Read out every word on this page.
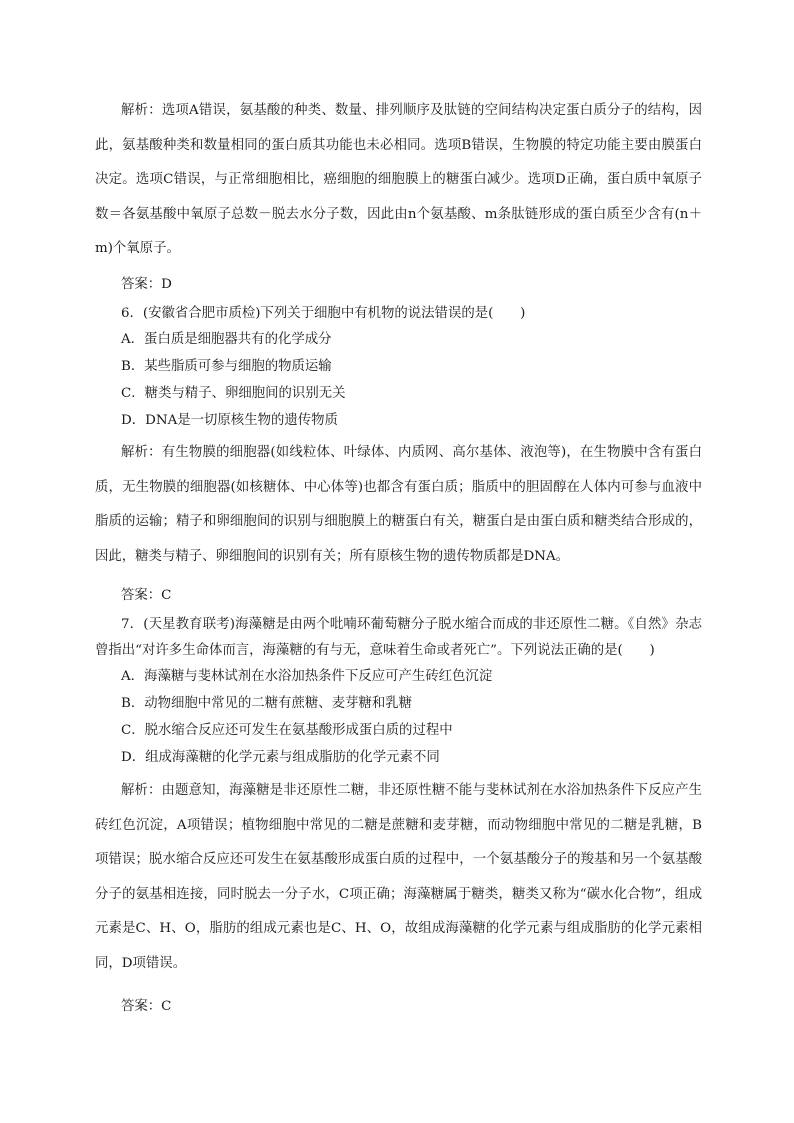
解析：选项A错误，氨基酸的种类、数量、排列顺序及肽链的空间结构决定蛋白质分子的结构，因此，氨基酸种类和数量相同的蛋白质其功能也未必相同。选项B错误，生物膜的特定功能主要由膜蛋白决定。选项C错误，与正常细胞相比，癌细胞的细胞膜上的糖蛋白减少。选项D正确，蛋白质中氧原子数＝各氨基酸中氧原子总数－脱去水分子数，因此由n个氨基酸、m条肽链形成的蛋白质至少含有(n＋m)个氧原子。

答案：D

6．(安徽省合肥市质检)下列关于细胞中有机物的说法错误的是(　　)

A．蛋白质是细胞器共有的化学成分

B．某些脂质可参与细胞的物质运输

C．糖类与精子、卵细胞间的识别无关

D．DNA是一切原核生物的遗传物质

解析：有生物膜的细胞器(如线粒体、叶绿体、内质网、高尔基体、液泡等)，在生物膜中含有蛋白质，无生物膜的细胞器(如核糖体、中心体等)也都含有蛋白质；脂质中的胆固醇在人体内可参与血液中脂质的运输；精子和卵细胞间的识别与细胞膜上的糖蛋白有关，糖蛋白是由蛋白质和糖类结合形成的，因此，糖类与精子、卵细胞间的识别有关；所有原核生物的遗传物质都是DNA。

答案：C

7．(天星教育联考)海藻糖是由两个吡喃环葡萄糖分子脱水缩合而成的非还原性二糖。《自然》杂志曾指出“对许多生命体而言，海藻糖的有与无，意味着生命或者死亡”。下列说法正确的是(　　)

A．海藻糖与斐林试剂在水浴加热条件下反应可产生砖红色沉淀

B．动物细胞中常见的二糖有蔗糖、麦芽糖和乳糖

C．脱水缩合反应还可发生在氨基酸形成蛋白质的过程中

D．组成海藻糖的化学元素与组成脂肪的化学元素不同

解析：由题意知，海藻糖是非还原性二糖，非还原性糖不能与斐林试剂在水浴加热条件下反应产生砖红色沉淀，A项错误；植物细胞中常见的二糖是蔗糖和麦芽糖，而动物细胞中常见的二糖是乳糖，B项错误；脱水缩合反应还可发生在氨基酸形成蛋白质的过程中，一个氨基酸分子的羧基和另一个氨基酸分子的氨基相连接，同时脱去一分子水，C项正确；海藻糖属于糖类，糖类又称为“碳水化合物”，组成元素是C、H、O，脂肪的组成元素也是C、H、O，故组成海藻糖的化学元素与组成脂肪的化学元素相同，D项错误。

答案：C
